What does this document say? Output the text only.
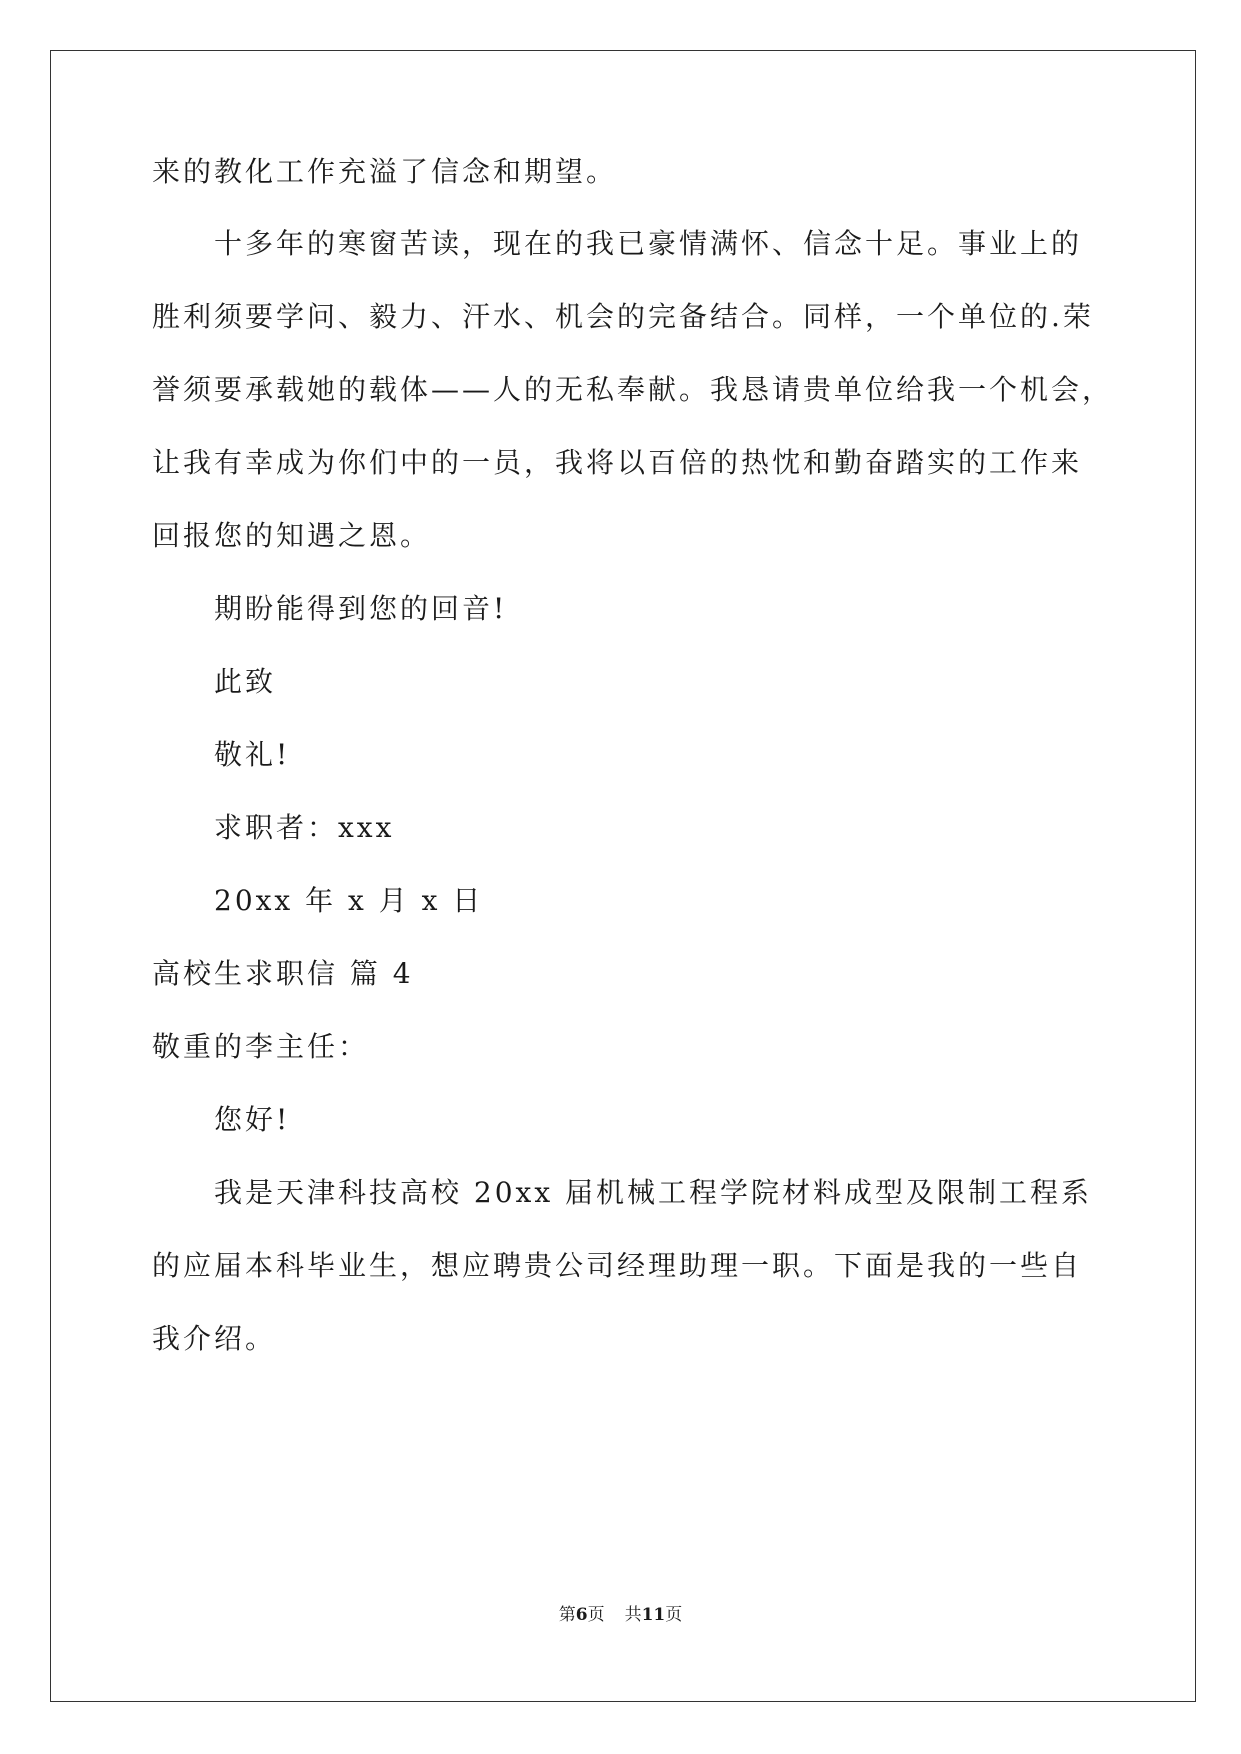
来的教化工作充溢了信念和期望。
十多年的寒窗苦读，现在的我已豪情满怀、信念十足。事业上的
胜利须要学问、毅力、汗水、机会的完备结合。同样，一个单位的.荣
誉须要承载她的载体——人的无私奉献。我恳请贵单位给我一个机会，
让我有幸成为你们中的一员，我将以百倍的热忱和勤奋踏实的工作来
回报您的知遇之恩。
期盼能得到您的回音!
此致
敬礼!
求职者：xxx
20xx 年 x 月 x 日
高校生求职信 篇 4
敬重的李主任：
您好!
我是天津科技高校 20xx 届机械工程学院材料成型及限制工程系
的应届本科毕业生，想应聘贵公司经理助理一职。下面是我的一些自
我介绍。
第6页 共11页
